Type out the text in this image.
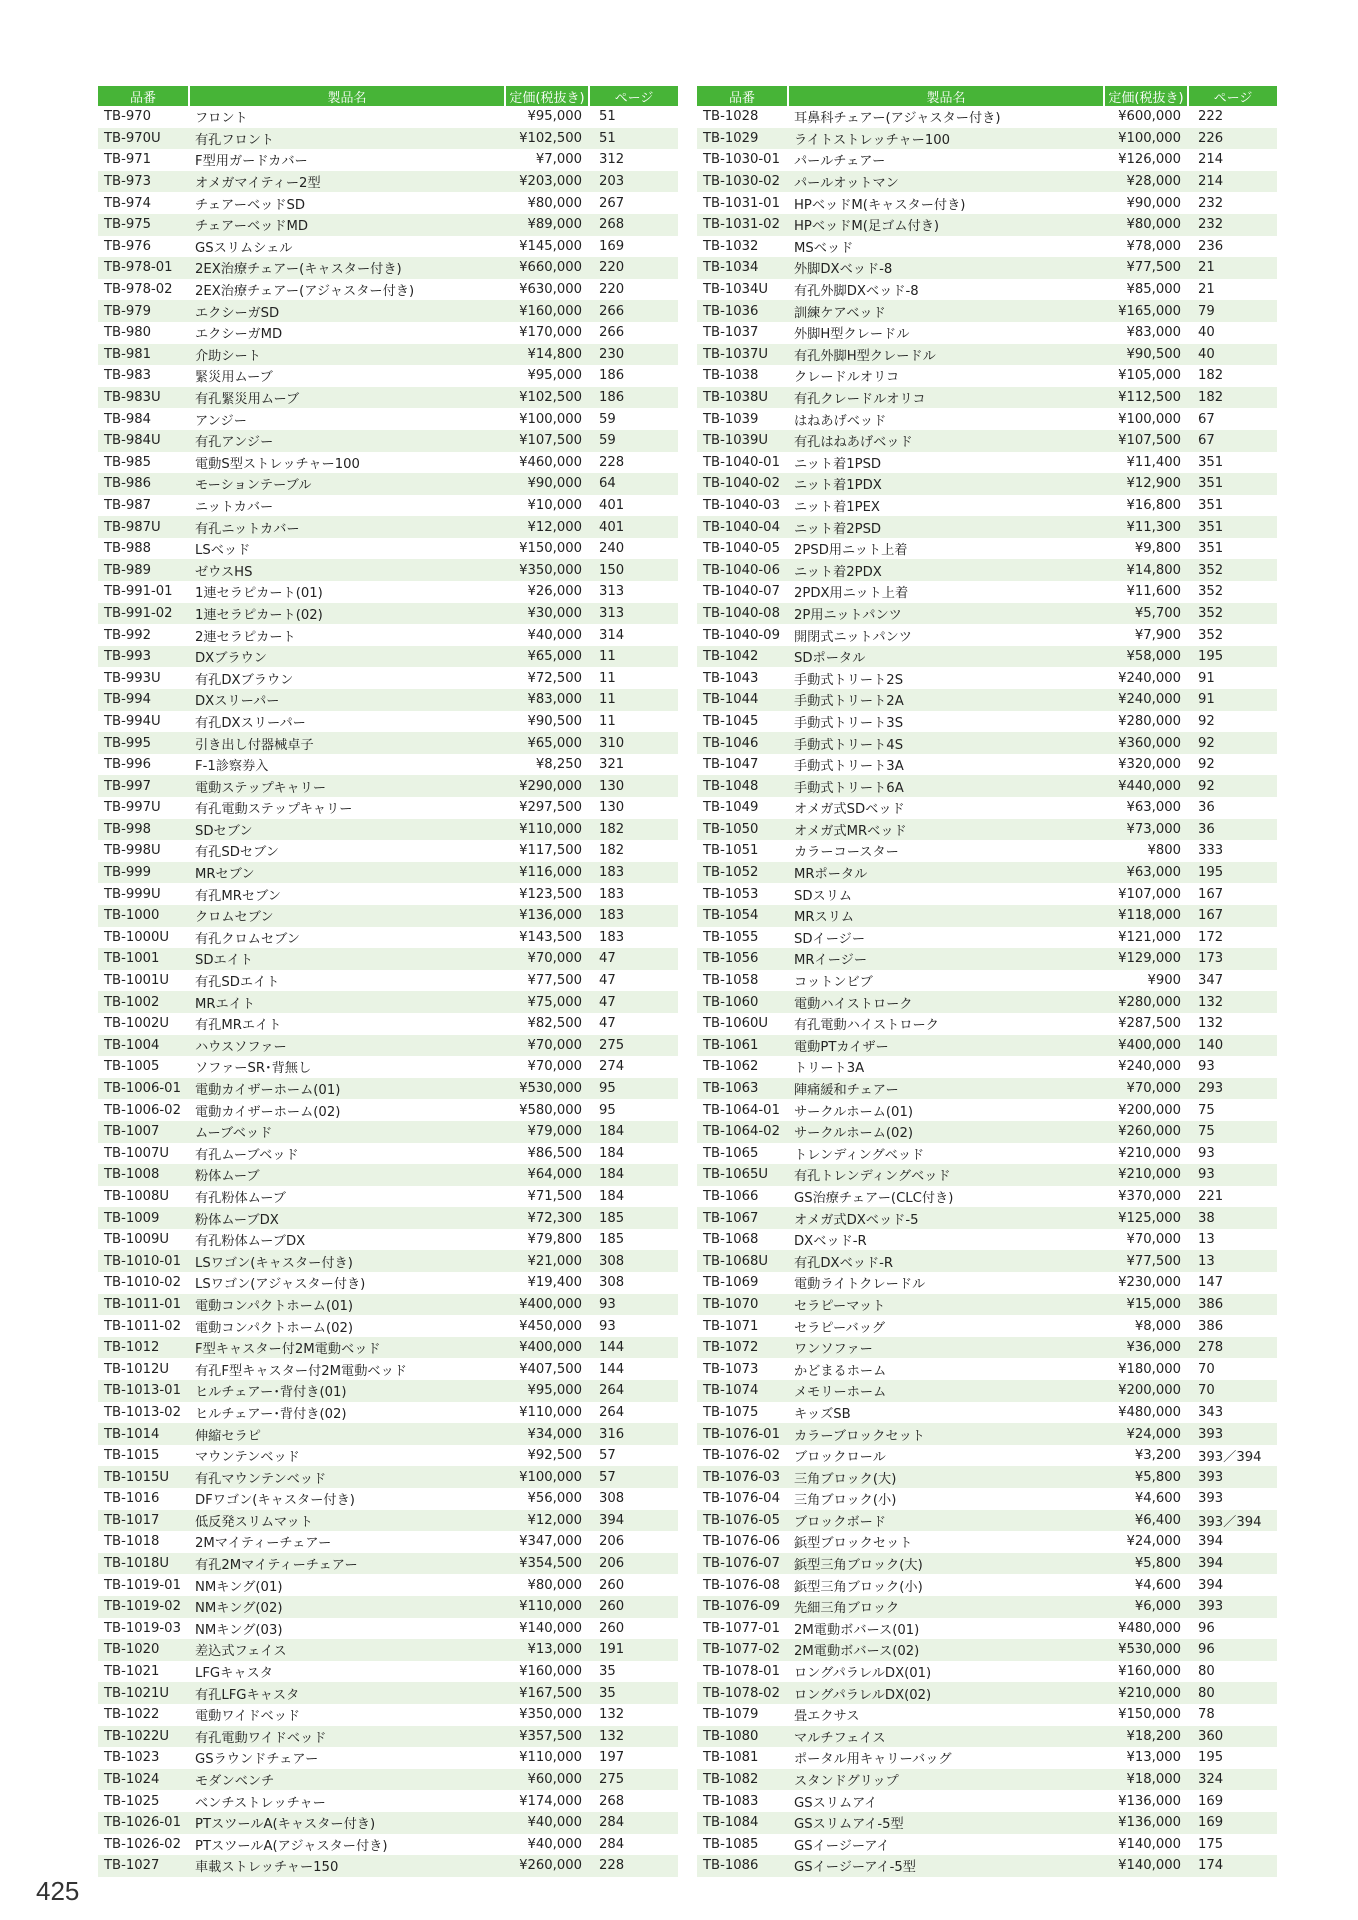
品番	製品名	定価(税抜き)	ページ
TB-970	フロント	¥95,000	51
TB-970U	有孔フロント	¥102,500	51
TB-971	F型用ガードカバー	¥7,000	312
TB-973	オメガマイティー2型	¥203,000	203
TB-974	チェアーベッドSD	¥80,000	267
TB-975	チェアーベッドMD	¥89,000	268
TB-976	GSスリムシェル	¥145,000	169
TB-978-01	2EX治療チェアー(キャスター付き)	¥660,000	220
TB-978-02	2EX治療チェアー(アジャスター付き)	¥630,000	220
TB-979	エクシーガSD	¥160,000	266
TB-980	エクシーガMD	¥170,000	266
TB-981	介助シート	¥14,800	230
TB-983	緊災用ムーブ	¥95,000	186
TB-983U	有孔緊災用ムーブ	¥102,500	186
TB-984	アンジー	¥100,000	59
TB-984U	有孔アンジー	¥107,500	59
TB-985	電動S型ストレッチャー100	¥460,000	228
TB-986	モーションテーブル	¥90,000	64
TB-987	ニットカバー	¥10,000	401
TB-987U	有孔ニットカバー	¥12,000	401
TB-988	LSベッド	¥150,000	240
TB-989	ゼウスHS	¥350,000	150
TB-991-01	1連セラピカート(01)	¥26,000	313
TB-991-02	1連セラピカート(02)	¥30,000	313
TB-992	2連セラピカート	¥40,000	314
TB-993	DXブラウン	¥65,000	11
TB-993U	有孔DXブラウン	¥72,500	11
TB-994	DXスリーパー	¥83,000	11
TB-994U	有孔DXスリーパー	¥90,500	11
TB-995	引き出し付器械卓子	¥65,000	310
TB-996	F-1診察券入	¥8,250	321
TB-997	電動ステップキャリー	¥290,000	130
TB-997U	有孔電動ステップキャリー	¥297,500	130
TB-998	SDセブン	¥110,000	182
TB-998U	有孔SDセブン	¥117,500	182
TB-999	MRセブン	¥116,000	183
TB-999U	有孔MRセブン	¥123,500	183
TB-1000	クロムセブン	¥136,000	183
TB-1000U	有孔クロムセブン	¥143,500	183
TB-1001	SDエイト	¥70,000	47
TB-1001U	有孔SDエイト	¥77,500	47
TB-1002	MRエイト	¥75,000	47
TB-1002U	有孔MRエイト	¥82,500	47
TB-1004	ハウスソファー	¥70,000	275
TB-1005	ソファーSR･背無し	¥70,000	274
TB-1006-01	電動カイザーホーム(01)	¥530,000	95
TB-1006-02	電動カイザーホーム(02)	¥580,000	95
TB-1007	ムーブベッド	¥79,000	184
TB-1007U	有孔ムーブベッド	¥86,500	184
TB-1008	粉体ムーブ	¥64,000	184
TB-1008U	有孔粉体ムーブ	¥71,500	184
TB-1009	粉体ムーブDX	¥72,300	185
TB-1009U	有孔粉体ムーブDX	¥79,800	185
TB-1010-01	LSワゴン(キャスター付き)	¥21,000	308
TB-1010-02	LSワゴン(アジャスター付き)	¥19,400	308
TB-1011-01	電動コンパクトホーム(01)	¥400,000	93
TB-1011-02	電動コンパクトホーム(02)	¥450,000	93
TB-1012	F型キャスター付2M電動ベッド	¥400,000	144
TB-1012U	有孔F型キャスター付2M電動ベッド	¥407,500	144
TB-1013-01	ヒルチェアー･背付き(01)	¥95,000	264
TB-1013-02	ヒルチェアー･背付き(02)	¥110,000	264
TB-1014	伸縮セラピ	¥34,000	316
TB-1015	マウンテンベッド	¥92,500	57
TB-1015U	有孔マウンテンベッド	¥100,000	57
TB-1016	DFワゴン(キャスター付き)	¥56,000	308
TB-1017	低反発スリムマット	¥12,000	394
TB-1018	2Mマイティーチェアー	¥347,000	206
TB-1018U	有孔2Mマイティーチェアー	¥354,500	206
TB-1019-01	NMキング(01)	¥80,000	260
TB-1019-02	NMキング(02)	¥110,000	260
TB-1019-03	NMキング(03)	¥140,000	260
TB-1020	差込式フェイス	¥13,000	191
TB-1021	LFGキャスタ	¥160,000	35
TB-1021U	有孔LFGキャスタ	¥167,500	35
TB-1022	電動ワイドベッド	¥350,000	132
TB-1022U	有孔電動ワイドベッド	¥357,500	132
TB-1023	GSラウンドチェアー	¥110,000	197
TB-1024	モダンベンチ	¥60,000	275
TB-1025	ベンチストレッチャー	¥174,000	268
TB-1026-01	PTスツールA(キャスター付き)	¥40,000	284
TB-1026-02	PTスツールA(アジャスター付き)	¥40,000	284
TB-1027	車載ストレッチャー150	¥260,000	228
品番	製品名	定価(税抜き)	ページ
TB-1028	耳鼻科チェアー(アジャスター付き)	¥600,000	222
TB-1029	ライトストレッチャー100	¥100,000	226
TB-1030-01	パールチェアー	¥126,000	214
TB-1030-02	パールオットマン	¥28,000	214
TB-1031-01	HPベッドM(キャスター付き)	¥90,000	232
TB-1031-02	HPベッドM(足ゴム付き)	¥80,000	232
TB-1032	MSベッド	¥78,000	236
TB-1034	外脚DXベッド-8	¥77,500	21
TB-1034U	有孔外脚DXベッド-8	¥85,000	21
TB-1036	訓練ケアベッド	¥165,000	79
TB-1037	外脚H型クレードル	¥83,000	40
TB-1037U	有孔外脚H型クレードル	¥90,500	40
TB-1038	クレードルオリコ	¥105,000	182
TB-1038U	有孔クレードルオリコ	¥112,500	182
TB-1039	はねあげベッド	¥100,000	67
TB-1039U	有孔はねあげベッド	¥107,500	67
TB-1040-01	ニット着1PSD	¥11,400	351
TB-1040-02	ニット着1PDX	¥12,900	351
TB-1040-03	ニット着1PEX	¥16,800	351
TB-1040-04	ニット着2PSD	¥11,300	351
TB-1040-05	2PSD用ニット上着	¥9,800	351
TB-1040-06	ニット着2PDX	¥14,800	352
TB-1040-07	2PDX用ニット上着	¥11,600	352
TB-1040-08	2P用ニットパンツ	¥5,700	352
TB-1040-09	開閉式ニットパンツ	¥7,900	352
TB-1042	SDポータル	¥58,000	195
TB-1043	手動式トリート2S	¥240,000	91
TB-1044	手動式トリート2A	¥240,000	91
TB-1045	手動式トリート3S	¥280,000	92
TB-1046	手動式トリート4S	¥360,000	92
TB-1047	手動式トリート3A	¥320,000	92
TB-1048	手動式トリート6A	¥440,000	92
TB-1049	オメガ式SDベッド	¥63,000	36
TB-1050	オメガ式MRベッド	¥73,000	36
TB-1051	カラーコースター	¥800	333
TB-1052	MRポータル	¥63,000	195
TB-1053	SDスリム	¥107,000	167
TB-1054	MRスリム	¥118,000	167
TB-1055	SDイージー	¥121,000	172
TB-1056	MRイージー	¥129,000	173
TB-1058	コットンビブ	¥900	347
TB-1060	電動ハイストローク	¥280,000	132
TB-1060U	有孔電動ハイストローク	¥287,500	132
TB-1061	電動PTカイザー	¥400,000	140
TB-1062	トリート3A	¥240,000	93
TB-1063	陣痛緩和チェアー	¥70,000	293
TB-1064-01	サークルホーム(01)	¥200,000	75
TB-1064-02	サークルホーム(02)	¥260,000	75
TB-1065	トレンディングベッド	¥210,000	93
TB-1065U	有孔トレンディングベッド	¥210,000	93
TB-1066	GS治療チェアー(CLC付き)	¥370,000	221
TB-1067	オメガ式DXベッド-5	¥125,000	38
TB-1068	DXベッド-R	¥70,000	13
TB-1068U	有孔DXベッド-R	¥77,500	13
TB-1069	電動ライトクレードル	¥230,000	147
TB-1070	セラピーマット	¥15,000	386
TB-1071	セラピーバッグ	¥8,000	386
TB-1072	ワンソファー	¥36,000	278
TB-1073	かどまるホーム	¥180,000	70
TB-1074	メモリーホーム	¥200,000	70
TB-1075	キッズSB	¥480,000	343
TB-1076-01	カラーブロックセット	¥24,000	393
TB-1076-02	ブロックロール	¥3,200	393／394
TB-1076-03	三角ブロック(大)	¥5,800	393
TB-1076-04	三角ブロック(小)	¥4,600	393
TB-1076-05	ブロックボード	¥6,400	393／394
TB-1076-06	鋲型ブロックセット	¥24,000	394
TB-1076-07	鋲型三角ブロック(大)	¥5,800	394
TB-1076-08	鋲型三角ブロック(小)	¥4,600	394
TB-1076-09	先細三角ブロック	¥6,000	393
TB-1077-01	2M電動ボバース(01)	¥480,000	96
TB-1077-02	2M電動ボバース(02)	¥530,000	96
TB-1078-01	ロングパラレルDX(01)	¥160,000	80
TB-1078-02	ロングパラレルDX(02)	¥210,000	80
TB-1079	畳エクサス	¥150,000	78
TB-1080	マルチフェイス	¥18,200	360
TB-1081	ポータル用キャリーバッグ	¥13,000	195
TB-1082	スタンドグリップ	¥18,000	324
TB-1083	GSスリムアイ	¥136,000	169
TB-1084	GSスリムアイ-5型	¥136,000	169
TB-1085	GSイージーアイ	¥140,000	175
TB-1086	GSイージーアイ-5型	¥140,000	174
425
